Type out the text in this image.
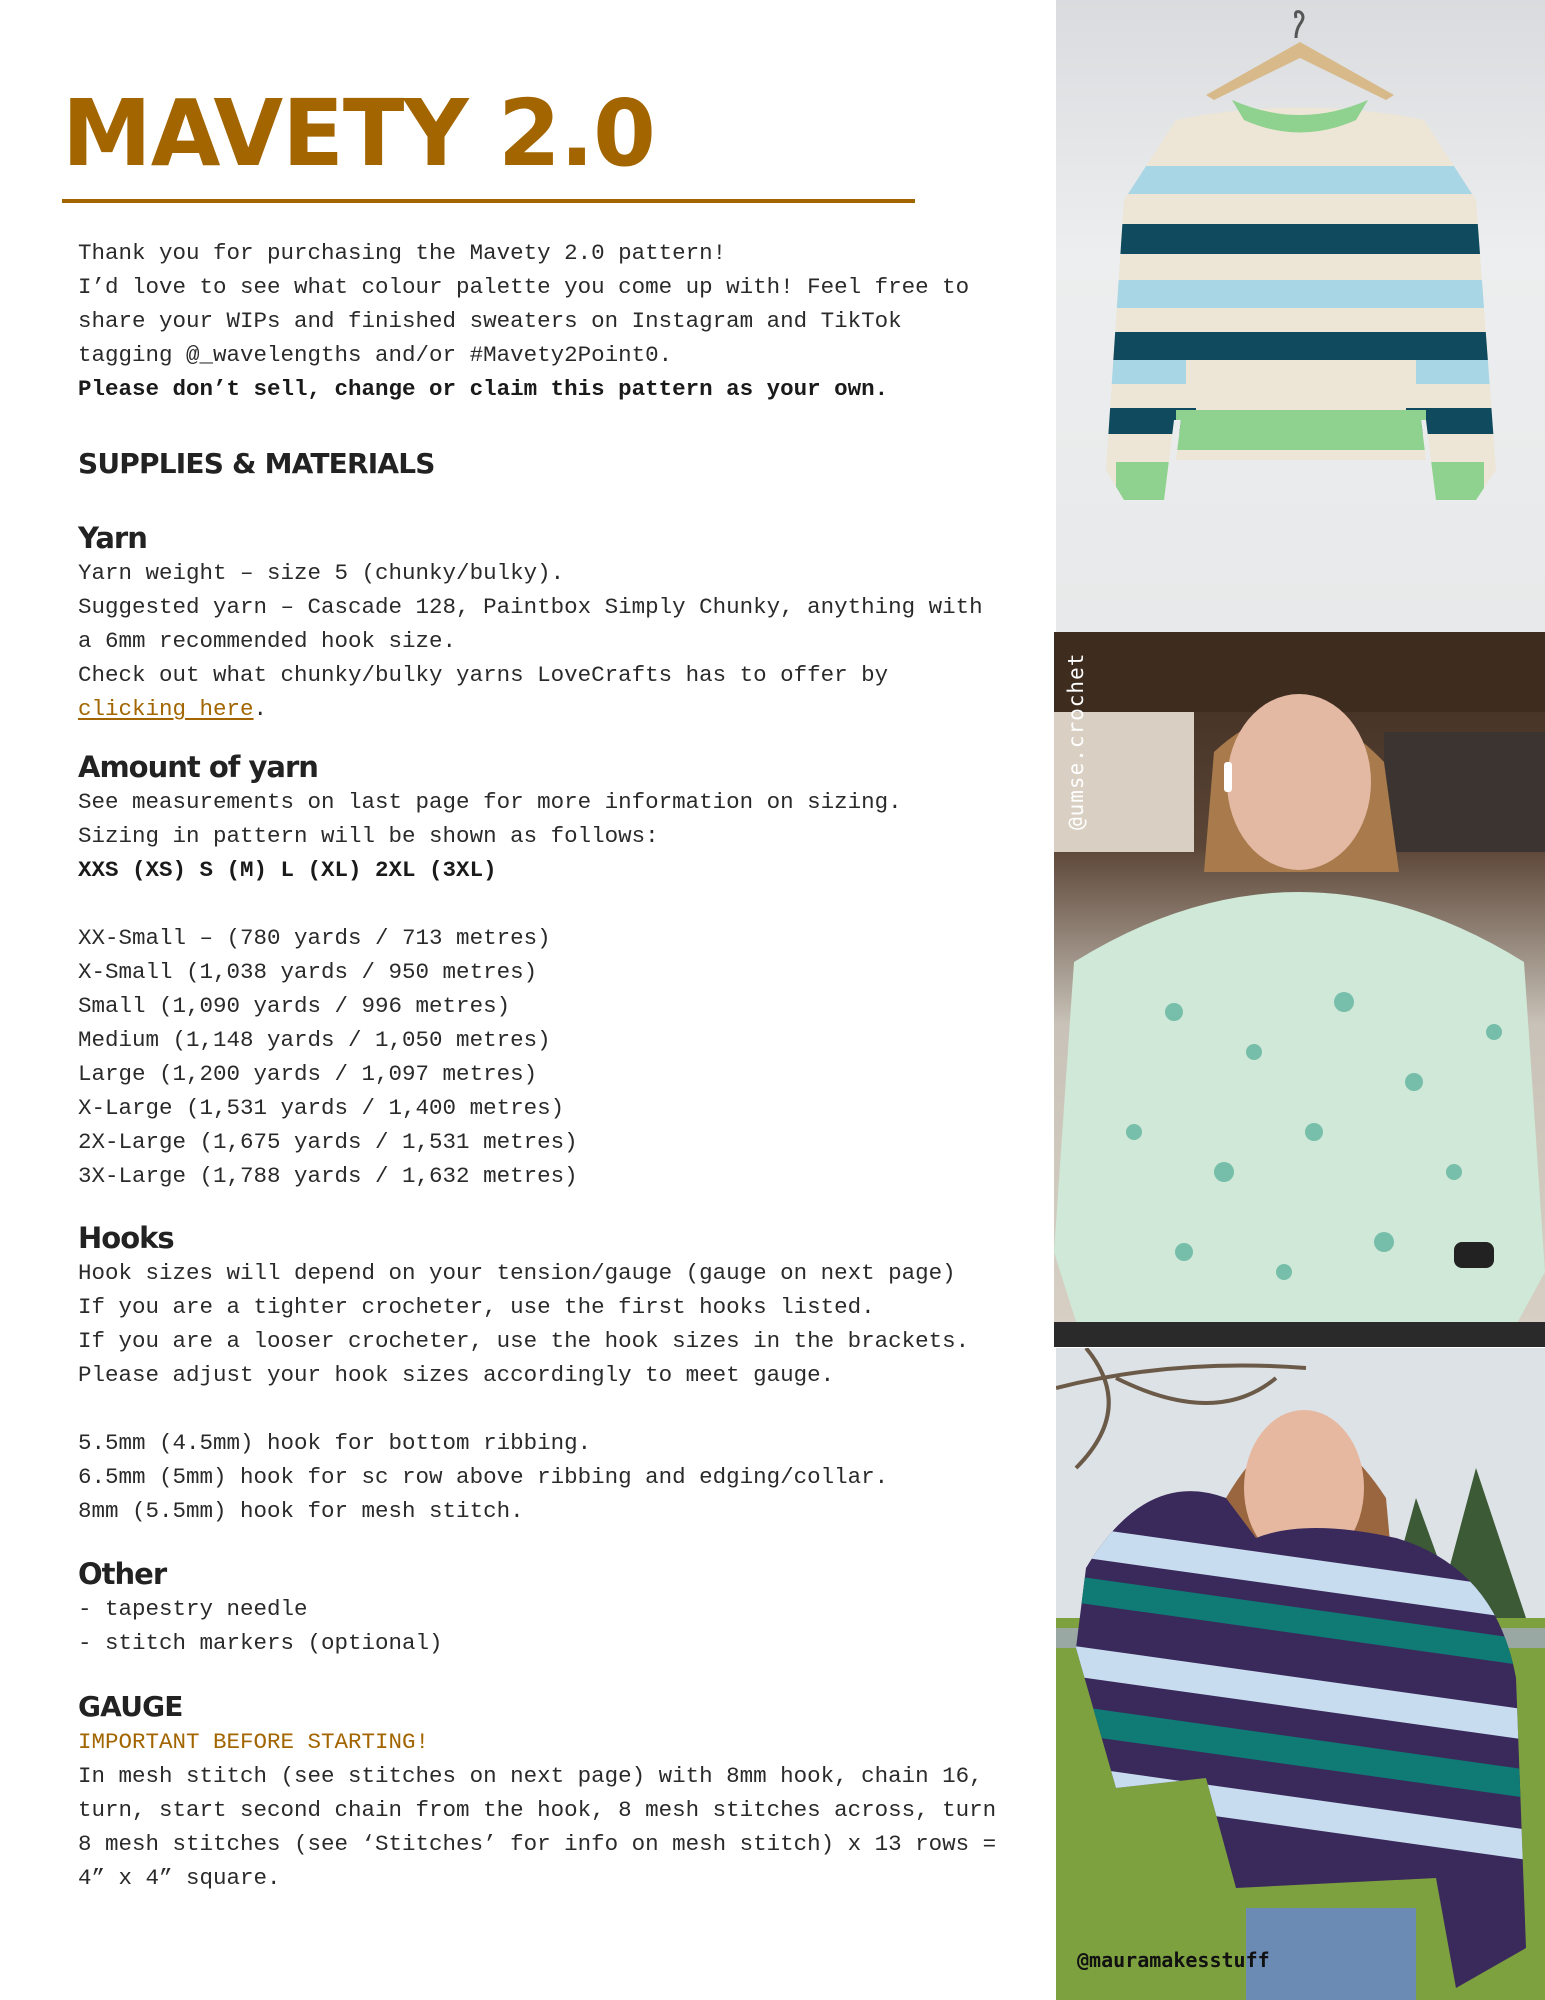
MAVETY 2.0
Thank you for purchasing the Mavety 2.0 pattern!
I’d love to see what colour palette you come up with! Feel free to
share your WIPs and finished sweaters on Instagram and TikTok
tagging @_wavelengths and/or #Mavety2Point0.
Please don’t sell, change or claim this pattern as your own.
SUPPLIES & MATERIALS
Yarn
Yarn weight – size 5 (chunky/bulky).
Suggested yarn – Cascade 128, Paintbox Simply Chunky, anything with
a 6mm recommended hook size.
Check out what chunky/bulky yarns LoveCrafts has to offer by
clicking here.
Amount of yarn
See measurements on last page for more information on sizing.
Sizing in pattern will be shown as follows:
XXS (XS) S (M) L (XL) 2XL (3XL)
XX-Small – (780 yards / 713 metres)
X-Small (1,038 yards / 950 metres)
Small (1,090 yards / 996 metres)
Medium (1,148 yards / 1,050 metres)
Large (1,200 yards / 1,097 metres)
X-Large (1,531 yards / 1,400 metres)
2X-Large (1,675 yards / 1,531 metres)
3X-Large (1,788 yards / 1,632 metres)
Hooks
Hook sizes will depend on your tension/gauge (gauge on next page)
If you are a tighter crocheter, use the first hooks listed.
If you are a looser crocheter, use the hook sizes in the brackets.
Please adjust your hook sizes accordingly to meet gauge.
5.5mm (4.5mm) hook for bottom ribbing.
6.5mm (5mm) hook for sc row above ribbing and edging/collar.
8mm (5.5mm) hook for mesh stitch.
Other
- tapestry needle
- stitch markers (optional)
GAUGE
IMPORTANT BEFORE STARTING!
In mesh stitch (see stitches on next page) with 8mm hook, chain 16,
turn, start second chain from the hook, 8 mesh stitches across, turn
8 mesh stitches (see ‘Stitches’ for info on mesh stitch) x 13 rows =
4” x 4” square.
@umse.crochet
@mauramakesstuff
